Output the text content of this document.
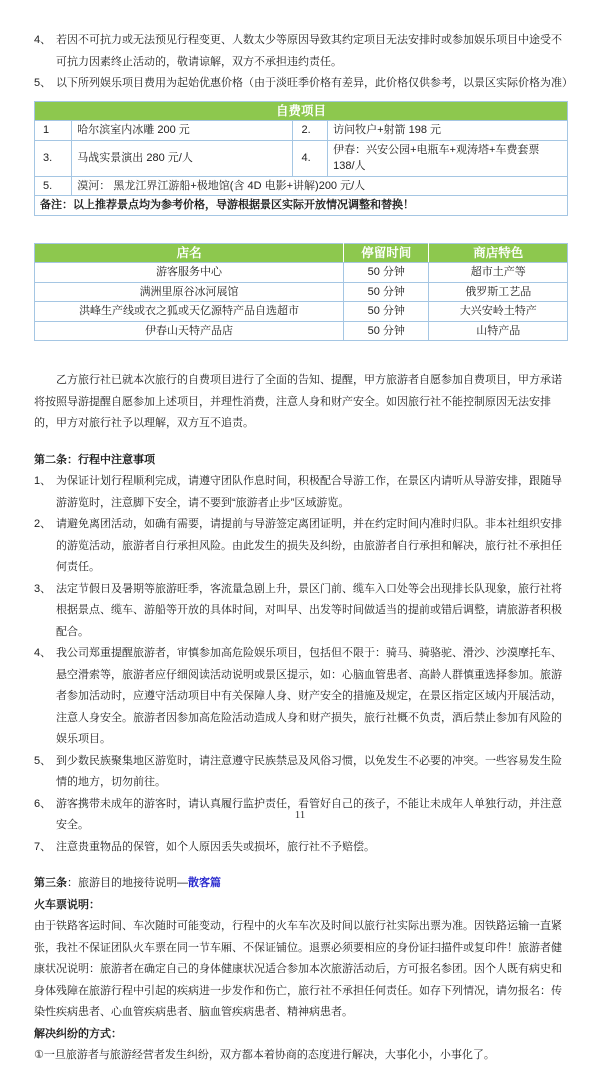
4、 若因不可抗力或无法预见行程变更、人数太少等原因导致其约定项目无法安排时或参加娱乐项目中途受不可抗力因素终止活动的，敬请谅解，双方不承担违约责任。
5、 以下所列娱乐项目费用为起始优惠价格（由于淡旺季价格有差异，此价格仅供参考，以景区实际价格为准）
自费项目			
1	哈尔滨室内冰雕 200 元	2.	访问牧户+射箭 198 元
3.	马战实景演出 280 元/人	4.	伊春：兴安公园+电瓶车+观涛塔+车费套票 138/人
5.	漠河： 黑龙江界江游船+极地馆(含 4D 电影+讲解)200 元/人		
备注：以上推荐景点均为参考价格，导游根据景区实际开放情况调整和替换！			
店名	停留时间	商店特色
游客服务中心	50 分钟	超市土产等
满洲里原谷冰河展馆	50 分钟	俄罗斯工艺品
洪峰生产线或衣之狐或天亿源特产品自选超市	50 分钟	大兴安岭土特产
伊春山天特产品店	50 分钟	山特产品

乙方旅行社已就本次旅行的自费项目进行了全面的告知、提醒，甲方旅游者自愿参加自费项目，甲方承诺将按照导游提醒自愿参加上述项目，并理性消费，注意人身和财产安全。如因旅行社不能控制原因无法安排的，甲方对旅行社予以理解，双方互不追责。

第二条：行程中注意事项
1、 为保证计划行程顺利完成，请遵守团队作息时间，积极配合导游工作，在景区内请听从导游安排，跟随导游游览时，注意脚下安全，请不要到“旅游者止步”区域游览。
2、 请避免离团活动，如确有需要，请提前与导游签定离团证明，并在约定时间内准时归队。非本社组织安排的游览活动，旅游者自行承担风险。由此发生的损失及纠纷，由旅游者自行承担和解决，旅行社不承担任何责任。
3、 法定节假日及暑期等旅游旺季，客流量急剧上升，景区门前、缆车入口处等会出现排长队现象，旅行社将根据景点、缆车、游船等开放的具体时间，对叫早、出发等时间做适当的提前或错后调整，请旅游者积极配合。
4、 我公司郑重提醒旅游者，审慎参加高危险娱乐项目，包括但不限于：骑马、骑骆驼、滑沙、沙漠摩托车、悬空滑索等，旅游者应仔细阅读活动说明或景区提示，如：心脑血管患者、高龄人群慎重选择参加。旅游者参加活动时，应遵守活动项目中有关保障人身、财产安全的措施及规定，在景区指定区域内开展活动，注意人身安全。旅游者因参加高危险活动造成人身和财产损失，旅行社概不负责，酒后禁止参加有风险的娱乐项目。
5、 到少数民族聚集地区游览时，请注意遵守民族禁忌及风俗习惯，以免发生不必要的冲突。一些容易发生险情的地方，切勿前往。
6、 游客携带未成年的游客时，请认真履行监护责任，看管好自己的孩子，不能让未成年人单独行动，并注意安全。
7、 注意贵重物品的保管，如个人原因丢失或损坏，旅行社不予赔偿。
第三条：旅游目的地接待说明—散客篇
火车票说明：

由于铁路客运时间、车次随时可能变动，行程中的火车车次及时间以旅行社实际出票为准。因铁路运输一直紧张，我社不保证团队火车票在同一节车厢、不保证铺位。退票必须要相应的身份证扫描件或复印件！旅游者健康状况说明：旅游者在确定自己的身体健康状况适合参加本次旅游活动后，方可报名参团。因个人既有病史和身体残障在旅游行程中引起的疾病进一步发作和伤亡，旅行社不承担任何责任。如存下列情况，请勿报名：传染性疾病患者、心血管疾病患者、脑血管疾病患者、精神病患者。

解决纠纷的方式：

①一旦旅游者与旅游经营者发生纠纷，双方都本着协商的态度进行解决，大事化小，小事化了。

11
